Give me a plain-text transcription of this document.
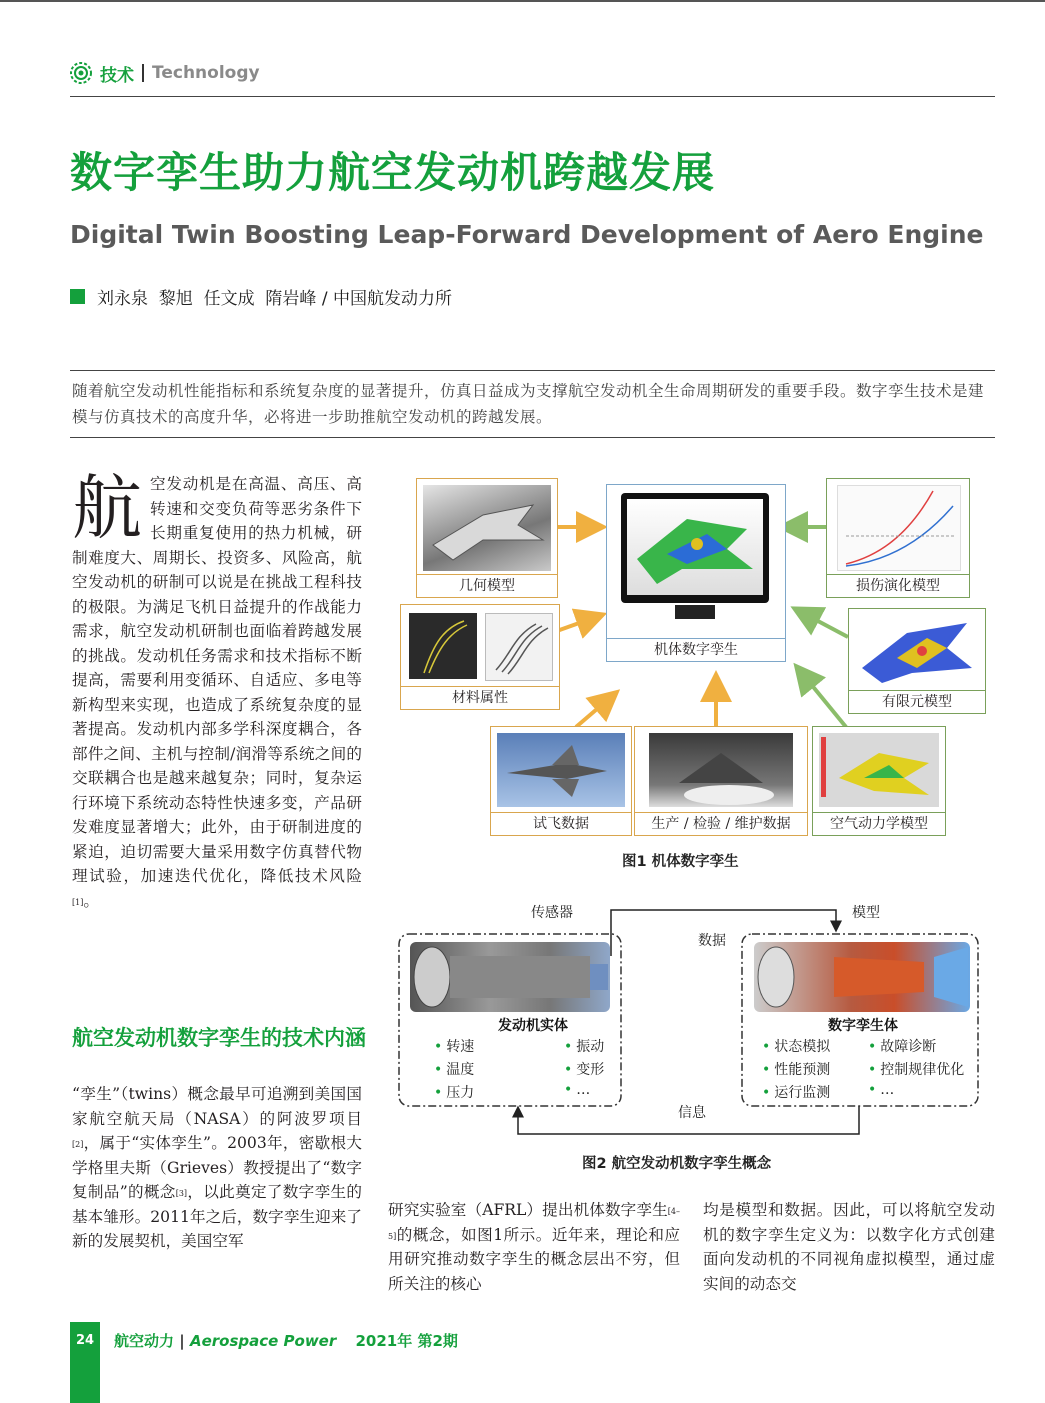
技术 Technology
数字孪生助力航空发动机跨越发展
Digital Twin Boosting Leap-Forward Development of Aero Engine
刘永泉  黎旭  任文成  隋岩峰 / 中国航发动力所
随着航空发动机性能指标和系统复杂度的显著提升，仿真日益成为支撑航空发动机全生命周期研发的重要手段。数字孪生技术是建模与仿真技术的高度升华，必将进一步助推航空发动机的跨越发展。
航空发动机是在高温、高压、高转速和交变负荷等恶劣条件下长期重复使用的热力机械，研制难度大、周期长、投资多、风险高，航空发动机的研制可以说是在挑战工程科技的极限。为满足飞机日益提升的作战能力需求，航空发动机研制也面临着跨越发展的挑战。发动机任务需求和技术指标不断提高，需要利用变循环、自适应、多电等新构型来实现，也造成了系统复杂度的显著提高。发动机内部多学科深度耦合，各部件之间、主机与控制/润滑等系统之间的交联耦合也是越来越复杂；同时，复杂运行环境下系统动态特性快速多变，产品研发难度显著增大；此外，由于研制进度的紧迫，迫切需要大量采用数字仿真替代物理试验，加速迭代优化，降低技术风险[1]。
航空发动机数字孪生的技术内涵
“孪生”（twins）概念最早可追溯到美国国家航空航天局（NASA）的阿波罗项目[2]，属于“实体孪生”。2003年，密歇根大学格里夫斯（Grieves）教授提出了“数字复制品”的概念[3]，以此奠定了数字孪生的基本雏形。2011年之后，数字孪生迎来了新的发展契机，美国空军
研究实验室（AFRL）提出机体数字孪生[4–5]的概念，如图1所示。近年来，理论和应用研究推动数字孪生的概念层出不穷，但所关注的核心
均是模型和数据。因此，可以将航空发动机的数字孪生定义为：以数字化方式创建面向发动机的不同视角虚拟模型，通过虚实间的动态交
几何模型
材料属性
机体数字孪生
损伤演化模型
有限元模型
试飞数据	生产 / 检验 / 维护数据	空气动力学模型
图1 机体数字孪生
传感器	模型
数据
信息
发动机实体	数字孪生体
• 转速	• 振动
• 温度	• 变形
• 压力	• …
• 状态模拟	• 故障诊断
• 性能预测	• 控制规律优化
• 运行监测	• …
图2 航空发动机数字孪生概念
24	航空动力 | Aerospace Power 2021年 第2期
